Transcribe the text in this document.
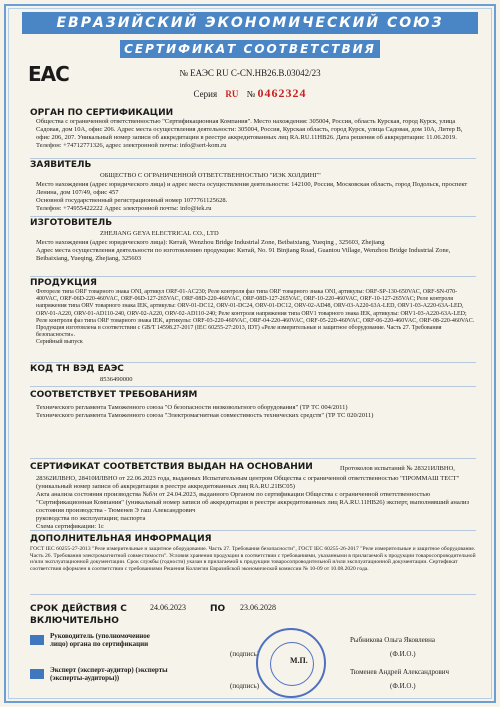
ЕВРАЗИЙСКИЙ ЭКОНОМИЧЕСКИЙ СОЮЗ
СЕРТИФИКАТ СООТВЕТСТВИЯ
EAC	№ ЕАЭС RU C-CN.НВ26.В.03042/23
Серия RU № 0462324
ОРГАН ПО СЕРТИФИКАЦИИ
Общества с ограниченной ответственностью "Сертификационная Компания". Место нахождения: 305004, Россия, область Курская, город Курск, улица Садовая, дом 10А, офис 206. Адрес места осуществления деятельности: 305004, Россия, Курская область, город Курск, улица Садовая, дом 10А, Литер В, офис 206, 207. Уникальный номер записи об аккредитации в реестре аккредитованных лиц RA.RU.11НВ26. Дата решения об аккредитации: 11.06.2019. Телефон: +74712771326, адрес электронной почты: info@sert-kom.ru
ЗАЯВИТЕЛЬ
ОБЩЕСТВО С ОГРАНИЧЕННОЙ ОТВЕТСТВЕННОСТЬЮ "ИЭК ХОЛДИНГ"
Место нахождения (адрес юридического лица) и адрес места осуществления деятельности: 142100, Россия, Московская область, город Подольск, проспект Ленина, дом 107/49, офис 457
Основной государственный регистрационный номер 1077761125628.
Телефон: +74955422222 Адрес электронной почты: info@iek.ru
ИЗГОТОВИТЕЛЬ
ZHEJIANG GEYA ELECTRICAL CO., LTD
Место нахождения (адрес юридического лица): Китай, Wenzhou Bridge Industrial Zone, Beibaixiang, Yueqing , 325603, Zhejiang
Адрес места осуществления деятельности по изготовлению продукции: Китай, No. 91 Binjiang Road, Guantou Village, Wenzhou Bridge Industrial Zone, Beibaixiang, Yueqing, Zhejiang, 325603
ПРОДУКЦИЯ
Фотореле типа ORF товарного знака ONI, артикул ORF-01-AC230; Реле контроля фаз типа ORF товарного знака ONI, артикулы: ORF-SP-130-650VAC, ORF-SN-070-400VAC, ORF-06D-220-460VAC, ORF-06D-127-265VAC, ORF-08D-220-460VAC, ORF-08D-127-265VAC, ORF-10-220-460VAC, ORF-10-127-265VAC; Реле контроля напряжения типа ORV товарного знака IEK, артикулы: ORV-01-DC12, ORV-01-DC24, ORV-01-DC12, ORV-02-AD48, ORV-03-A220-63A-LED, ORV1-03-A220-63A-LED, ORV-01-A220, ORV-01-AD110-240, ORV-02-A220, ORV-02-AD110-240; Реле контроля напряжения типа ORV1 товарного знака IEK, артикулы: ORV1-03-A220-63A-LED; Реле контроля фаз типа ORF товарного знака IEK, артикулы: ORF-03-220-460VAC, ORF-04-220-460VAC, ORF-05-220-460VAC, ORF-06-220-460VAC, ORF-08-220-460VAC. Продукция изготовлена в соответствии с GB/T 14598.27-2017 (IEC 60255-27:2013, IDT) «Реле измерительные и защитное оборудование. Часть 27. Требования безопасности».
Серийный выпуск
КОД ТН ВЭД ЕАЭС
8536490000
СООТВЕТСТВУЕТ ТРЕБОВАНИЯМ
Технического регламента Таможенного союза "О безопасности низковольтного оборудования" (ТР ТС 004/2011)
Технического регламента Таможенного союза "Электромагнитная совместимость технических средств" (ТР ТС 020/2011)
СЕРТИФИКАТ СООТВЕТСТВИЯ ВЫДАН НА ОСНОВАНИИ	Протоколов испытаний № 28321ИЛВНО,
28362ИЛВНО, 28410ИЛВНО от 22.06.2023 года, выданных Испытательным центром Общества с ограниченной ответственностью "ПРОММАШ ТЕСТ" (уникальный номер записи об аккредитации в реестре аккредитованных лиц RA.RU.21ВС05)
Акта анализа состояния производства №б/н от 24.04.2023, выданного Органом по сертификации Общества с ограниченной ответственностью "Сертификационная Компания" (уникальный номер записи об аккредитации в реестре аккредитованных лиц RA.RU.11НВ26) эксперт, выполнявший анализ состояния производства - Тюменев Э гаш Александрович
руководства по эксплуатации; паспорта
Схема сертификации: 1с
ДОПОЛНИТЕЛЬНАЯ ИНФОРМАЦИЯ
ГОСТ IEC 60255-27-2013 "Реле измерительные и защитное оборудование. Часть 27. Требования безопасности", ГОСТ IEC 60255-26-2017 "Реле измерительные и защитное оборудование. Часть 26. Требования электромагнитной совместимости". Условия хранения продукции в соответствии с требованиями, указанными в прилагаемой к продукции товаросопроводительной и/или эксплуатационной документации. Срок службы (годности) указан в прилагаемой к продукции товаросопроводительной и/или эксплуатационной документации. Сертификат соответствия оформлен в соответствии с требованиями Решения Коллегии Евразийской экономической комиссии № 10-09 от 10.08.2020 года.
СРОК ДЕЙСТВИЯ С	24.06.2023	ПО 23.06.2028
ВКЛЮЧИТЕЛЬНО
Руководитель (уполномоченное лицо) органа по сертификации
(подпись)
Рыбникова Ольга Яковлевна
(Ф.И.О.)
Эксперт (эксперт-аудитор) (эксперты (эксперты-аудиторы))
(подпись)
Тюменев Андрей Александрович
(Ф.И.О.)
М.П.
